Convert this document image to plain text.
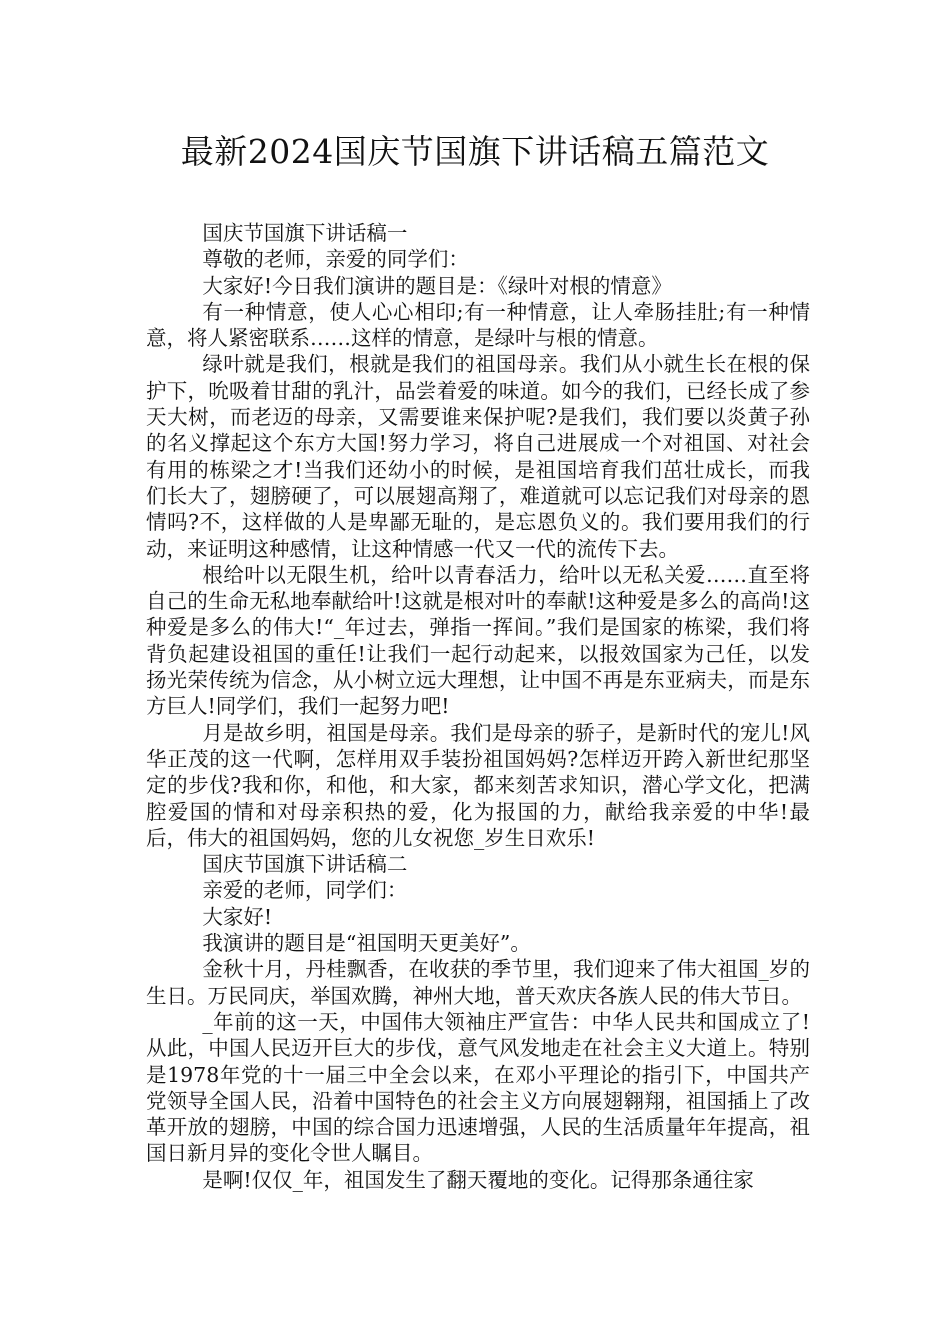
最新2024国庆节国旗下讲话稿五篇范文

国庆节国旗下讲话稿一

尊敬的老师，亲爱的同学们：

大家好!今日我们演讲的题目是：《绿叶对根的情意》

有一种情意，使人心心相印;有一种情意，让人牵肠挂肚;有一种情意，将人紧密联系……这样的情意，是绿叶与根的情意。

绿叶就是我们，根就是我们的祖国母亲。我们从小就生长在根的保护下，吮吸着甘甜的乳汁，品尝着爱的味道。如今的我们，已经长成了参天大树，而老迈的母亲，又需要谁来保护呢?是我们，我们要以炎黄子孙的名义撑起这个东方大国!努力学习，将自己进展成一个对祖国、对社会有用的栋梁之才!当我们还幼小的时候，是祖国培育我们茁壮成长，而我们长大了，翅膀硬了，可以展翅高翔了，难道就可以忘记我们对母亲的恩情吗?不，这样做的人是卑鄙无耻的，是忘恩负义的。我们要用我们的行动，来证明这种感情，让这种情感一代又一代的流传下去。

根给叶以无限生机，给叶以青春活力，给叶以无私关爱……直至将自己的生命无私地奉献给叶!这就是根对叶的奉献!这种爱是多么的高尚!这种爱是多么的伟大!“_年过去，弹指一挥间。”我们是国家的栋梁，我们将背负起建设祖国的重任!让我们一起行动起来，以报效国家为己任，以发扬光荣传统为信念，从小树立远大理想，让中国不再是东亚病夫，而是东方巨人!同学们，我们一起努力吧!

月是故乡明，祖国是母亲。我们是母亲的骄子，是新时代的宠儿!风华正茂的这一代啊，怎样用双手装扮祖国妈妈?怎样迈开跨入新世纪那坚定的步伐?我和你，和他，和大家，都来刻苦求知识，潜心学文化，把满腔爱国的情和对母亲积热的爱，化为报国的力，献给我亲爱的中华!最后，伟大的祖国妈妈，您的儿女祝您_岁生日欢乐!

国庆节国旗下讲话稿二

亲爱的老师，同学们：

大家好!

我演讲的题目是“祖国明天更美好”。

金秋十月，丹桂飘香，在收获的季节里，我们迎来了伟大祖国_岁的生日。万民同庆，举国欢腾，神州大地，普天欢庆各族人民的伟大节日。

_年前的这一天，中国伟大领袖庄严宣告：中华人民共和国成立了!从此，中国人民迈开巨大的步伐，意气风发地走在社会主义大道上。特别是1978年党的十一届三中全会以来，在邓小平理论的指引下，中国共产党领导全国人民，沿着中国特色的社会主义方向展翅翱翔，祖国插上了改革开放的翅膀，中国的综合国力迅速增强，人民的生活质量年年提高，祖国日新月异的变化令世人瞩目。

是啊!仅仅_年，祖国发生了翻天覆地的变化。记得那条通往家
